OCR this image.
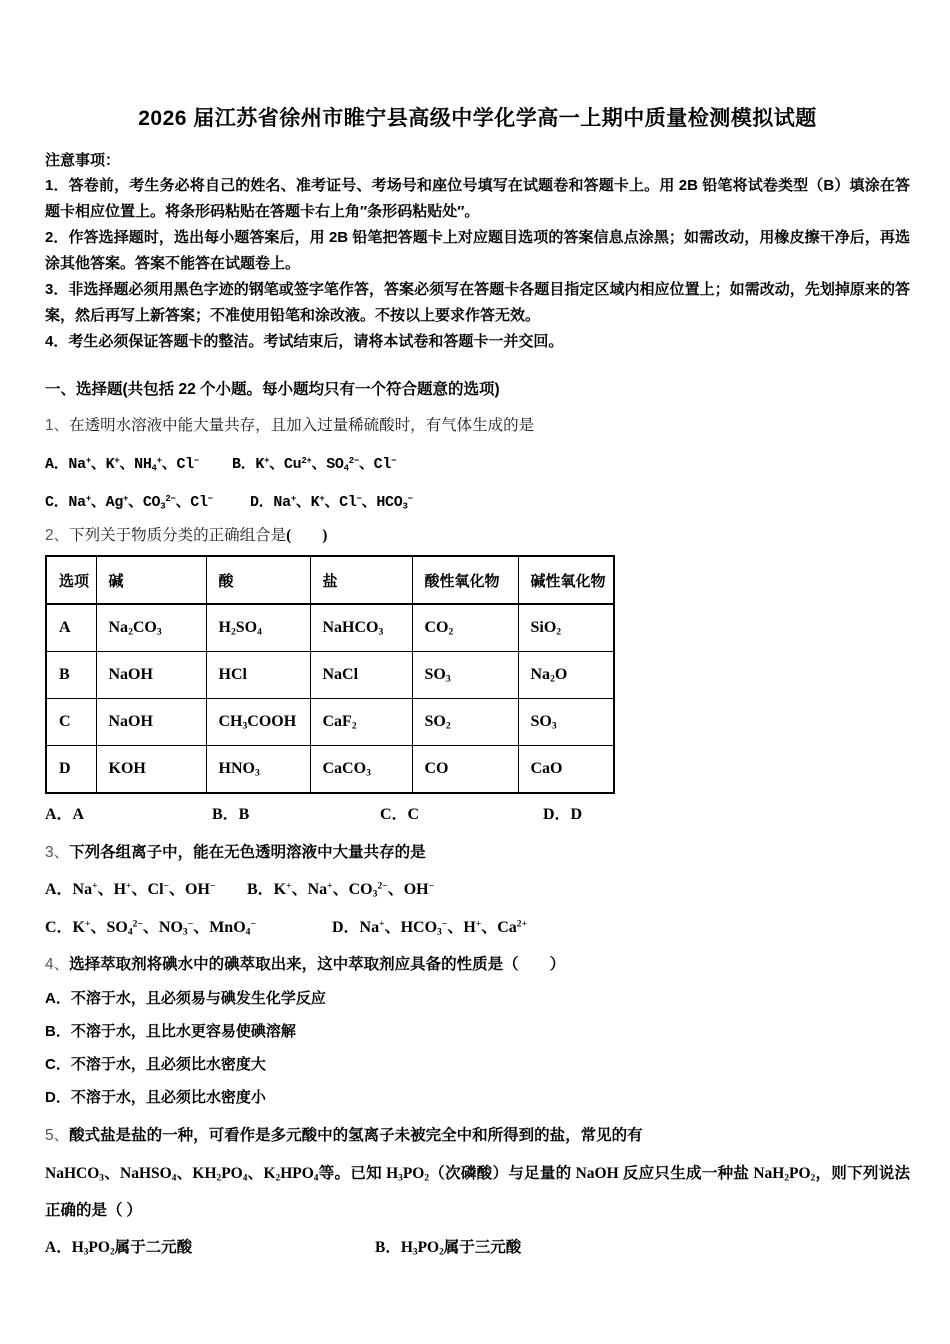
2026 届江苏省徐州市睢宁县高级中学化学高一上期中质量检测模拟试题

注意事项：

1．答卷前，考生务必将自己的姓名、准考证号、考场号和座位号填写在试题卷和答题卡上。用 2B 铅笔将试卷类型（B）填涂在答题卡相应位置上。将条形码粘贴在答题卡右上角″条形码粘贴处″。

2．作答选择题时，选出每小题答案后，用 2B 铅笔把答题卡上对应题目选项的答案信息点涂黑；如需改动，用橡皮擦干净后，再选涂其他答案。答案不能答在试题卷上。

3．非选择题必须用黑色字迹的钢笔或签字笔作答，答案必须写在答题卡各题目指定区域内相应位置上；如需改动，先划掉原来的答案，然后再写上新答案；不准使用铅笔和涂改液。不按以上要求作答无效。

4．考生必须保证答题卡的整洁。考试结束后，请将本试卷和答题卡一并交回。

一、选择题(共包括 22 个小题。每小题均只有一个符合题意的选项)

1、在透明水溶液中能大量共存，且加入过量稀硫酸时，有气体生成的是

A．Na+、K+、$NH_4^+$、Cl−	B．K+、$Cu^{2+}$、$SO_4^{2-}$、Cl−
C．Na+、Ag+、$CO_3^{2-}$、Cl−	D．Na+、K+、Cl−、$HCO_3^-$

2、下列关于物质分类的正确组合是(　　)

选项	碱	酸	盐	酸性氧化物	碱性氧化物
A	$Na_2CO_3$	$H_2SO_4$	NaHCO$_3$	$CO_2$	SiO$_2$
B	NaOH	HCl	NaCl	$SO_3$	$Na_2O$
C	NaOH	$CH_3COOH$	CaF$_2$	$SO_2$	$SO_3$
D	KOH	$HNO_3$	CaCO$_3$	CO	CaO
A．A	B．B	C．C	D．D

3、下列各组离子中，能在无色透明溶液中大量共存的是

A．Na+、H+、Cl−、OH−	B．K+、Na+、$CO_3^{2-}$、OH−
C．K+、$SO_4^{2-}$、$NO_3^-$、MnO$_4$−	D．Na+、$HCO_3^-$、H+、$Ca^{2+}$

4、选择萃取剂将碘水中的碘萃取出来，这中萃取剂应具备的性质是（　　）

A．不溶于水，且必须易与碘发生化学反应
B．不溶于水，且比水更容易使碘溶解
C．不溶于水，且必须比水密度大
D．不溶于水，且必须比水密度小

5、酸式盐是盐的一种，可看作是多元酸中的氢离子未被完全中和所得到的盐，常见的有

NaHCO$_3$、NaHSO$_4$、$KH_2PO_4$、$K_2HPO_4$等。已知 $H_3PO_2$（次磷酸）与足量的 NaOH 反应只生成一种盐 $NaH_2PO_2$，则下列说法正确的是（ ）

A．$H_3PO_2$属于二元酸	B．$H_3PO_2$属于三元酸
